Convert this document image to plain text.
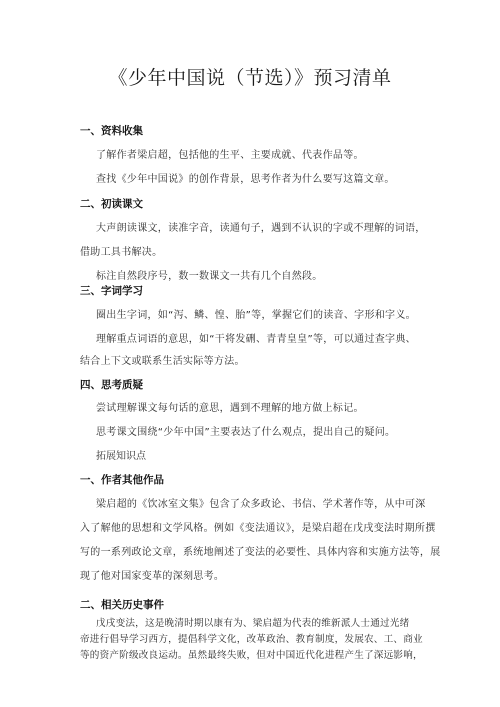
《少年中国说（节选）》预习清单
一、资料收集
了解作者梁启超，包括他的生平、主要成就、代表作品等。
查找《少年中国说》的创作背景，思考作者为什么要写这篇文章。
二、初读课文
大声朗读课文，读准字音，读通句子，遇到不认识的字或不理解的词语，
借助工具书解决。
标注自然段序号，数一数课文一共有几个自然段。
三、字词学习
圈出生字词，如“泻、鳞、惶、胎”等，掌握它们的读音、字形和字义。
理解重点词语的意思，如“干将发硎、青青皇皇”等，可以通过查字典、
结合上下文或联系生活实际等方法。
四、思考质疑
尝试理解课文每句话的意思，遇到不理解的地方做上标记。
思考课文围绕“少年中国”主要表达了什么观点，提出自己的疑问。
拓展知识点
一、作者其他作品
梁启超的《饮冰室文集》包含了众多政论、书信、学术著作等，从中可深
入了解他的思想和文学风格。例如《变法通议》，是梁启超在戊戌变法时期所撰
写的一系列政论文章，系统地阐述了变法的必要性、具体内容和实施方法等，展
现了他对国家变革的深刻思考。
二、相关历史事件
戊戌变法，这是晚清时期以康有为、梁启超为代表的维新派人士通过光绪
帝进行倡导学习西方，提倡科学文化，改革政治、教育制度，发展农、工、商业
等的资产阶级改良运动。虽然最终失败，但对中国近代化进程产生了深远影响，
